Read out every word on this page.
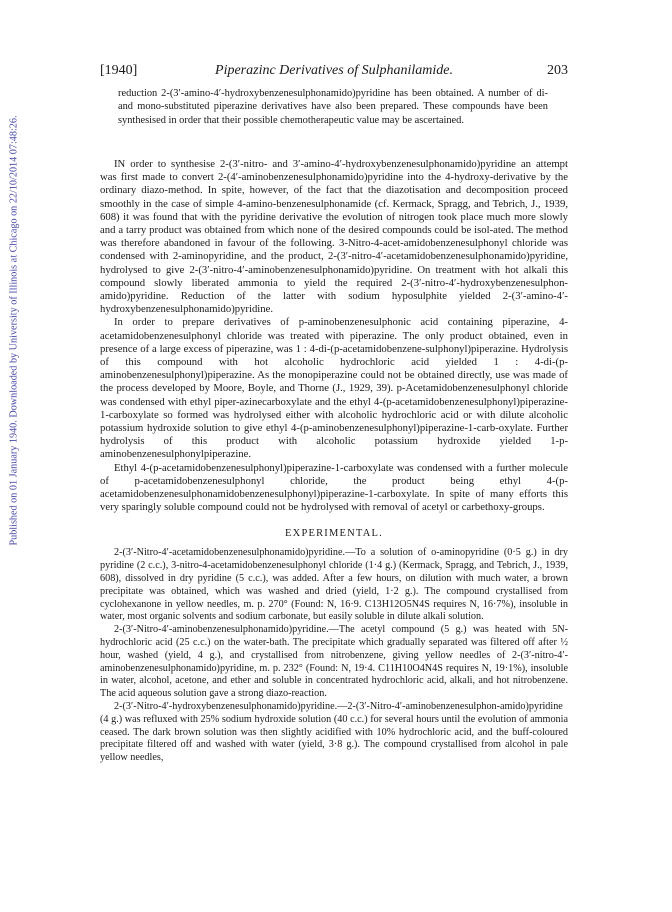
Published on 01 January 1940. Downloaded by University of Illinois at Chicago on 22/10/2014 07:48:26.
[1940]	Piperazinc Derivatives of Sulphanilamide.	203

reduction 2-(3′-amino-4′-hydroxybenzenesulphonamido)pyridine has been obtained. A number of di- and mono-substituted piperazine derivatives have also been prepared. These compounds have been synthesised in order that their possible chemotherapeutic value may be ascertained.

IN order to synthesise 2-(3′-nitro- and 3′-amino-4′-hydroxybenzenesulphonamido)pyridine an attempt was first made to convert 2-(4′-aminobenzenesulphonamido)pyridine into the 4-hydroxy-derivative by the ordinary diazo-method. In spite, however, of the fact that the diazotisation and decomposition proceed smoothly in the case of simple 4-amino-benzenesulphonamide (cf. Kermack, Spragg, and Tebrich, J., 1939, 608) it was found that with the pyridine derivative the evolution of nitrogen took place much more slowly and a tarry product was obtained from which none of the desired compounds could be isol-ated. The method was therefore abandoned in favour of the following. 3-Nitro-4-acet-amidobenzenesulphonyl chloride was condensed with 2-aminopyridine, and the product, 2-(3′-nitro-4′-acetamidobenzenesulphonamido)pyridine, hydrolysed to give 2-(3′-nitro-4′-aminobenzenesulphonamido)pyridine. On treatment with hot alkali this compound slowly liberated ammonia to yield the required 2-(3′-nitro-4′-hydroxybenzenesulphon-amido)pyridine. Reduction of the latter with sodium hyposulphite yielded 2-(3′-amino-4′-hydroxybenzenesulphonamido)pyridine.

In order to prepare derivatives of p-aminobenzenesulphonic acid containing piperazine, 4-acetamidobenzenesulphonyl chloride was treated with piperazine. The only product obtained, even in presence of a large excess of piperazine, was 1 : 4-di-(p-acetamidobenzene-sulphonyl)piperazine. Hydrolysis of this compound with hot alcoholic hydrochloric acid yielded 1 : 4-di-(p-aminobenzenesulphonyl)piperazine. As the monopiperazine could not be obtained directly, use was made of the process developed by Moore, Boyle, and Thorne (J., 1929, 39). p-Acetamidobenzenesulphonyl chloride was condensed with ethyl piper-azinecarboxylate and the ethyl 4-(p-acetamidobenzenesulphonyl)piperazine-1-carboxylate so formed was hydrolysed either with alcoholic hydrochloric acid or with dilute alcoholic potassium hydroxide solution to give ethyl 4-(p-aminobenzenesulphonyl)piperazine-1-carb-oxylate. Further hydrolysis of this product with alcoholic potassium hydroxide yielded 1-p-aminobenzenesulphonylpiperazine.

Ethyl 4-(p-acetamidobenzenesulphonyl)piperazine-1-carboxylate was condensed with a further molecule of p-acetamidobenzenesulphonyl chloride, the product being ethyl 4-(p-acetamidobenzenesulphonamidobenzenesulphonyl)piperazine-1-carboxylate. In spite of many efforts this very sparingly soluble compound could not be hydrolysed with removal of acetyl or carbethoxy-groups.

EXPERIMENTAL.

2-(3′-Nitro-4′-acetamidobenzenesulphonamido)pyridine.—To a solution of o-aminopyridine (0·5 g.) in dry pyridine (2 c.c.), 3-nitro-4-acetamidobenzenesulphonyl chloride (1·4 g.) (Kermack, Spragg, and Tebrich, J., 1939, 608), dissolved in dry pyridine (5 c.c.), was added. After a few hours, on dilution with much water, a brown precipitate was obtained, which was washed and dried (yield, 1·2 g.). The compound crystallised from cyclohexanone in yellow needles, m. p. 270° (Found: N, 16·9. C13H12O5N4S requires N, 16·7%), insoluble in water, most organic solvents and sodium carbonate, but easily soluble in dilute alkali solution.

2-(3′-Nitro-4′-aminobenzenesulphonamido)pyridine.—The acetyl compound (5 g.) was heated with 5N-hydrochloric acid (25 c.c.) on the water-bath. The precipitate which gradually separated was filtered off after ½ hour, washed (yield, 4 g.), and crystallised from nitrobenzene, giving yellow needles of 2-(3′-nitro-4′-aminobenzenesulphonamido)pyridine, m. p. 232° (Found: N, 19·4. C11H10O4N4S requires N, 19·1%), insoluble in water, alcohol, acetone, and ether and soluble in concentrated hydrochloric acid, alkali, and hot nitrobenzene. The acid aqueous solution gave a strong diazo-reaction.

2-(3′-Nitro-4′-hydroxybenzenesulphonamido)pyridine.—2-(3′-Nitro-4′-aminobenzenesulphon-amido)pyridine (4 g.) was refluxed with 25% sodium hydroxide solution (40 c.c.) for several hours until the evolution of ammonia ceased. The dark brown solution was then slightly acidified with 10% hydrochloric acid, and the buff-coloured precipitate filtered off and washed with water (yield, 3·8 g.). The compound crystallised from alcohol in pale yellow needles,
